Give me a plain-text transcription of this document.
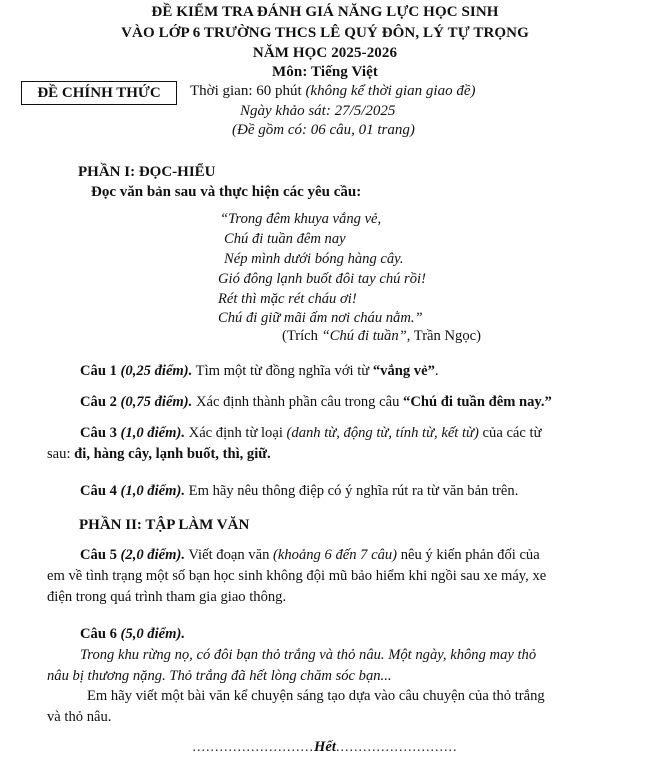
ĐỀ KIỂM TRA ĐÁNH GIÁ NĂNG LỰC HỌC SINH
VÀO LỚP 6 TRƯỜNG THCS LÊ QUÝ ĐÔN, LÝ TỰ TRỌNG
NĂM HỌC 2025-2026
Môn: Tiếng Việt
ĐỀ CHÍNH THỨC	Thời gian: 60 phút (không kể thời gian giao đề)
Ngày khảo sát: 27/5/2025
(Đề gồm có: 06 câu, 01 trang)
PHẦN I: ĐỌC-HIỂU
Đọc văn bản sau và thực hiện các yêu cầu:
“Trong đêm khuya vắng vẻ,
Chú đi tuần đêm nay
Nép mình dưới bóng hàng cây.
Gió đông lạnh buốt đôi tay chú rồi!
Rét thì mặc rét cháu ơi!
Chú đi giữ mãi ấm nơi cháu nằm.”
(Trích “Chú đi tuần”, Trần Ngọc)
Câu 1 (0,25 điểm). Tìm một từ đồng nghĩa với từ “vắng vẻ”.
Câu 2 (0,75 điểm). Xác định thành phần câu trong câu “Chú đi tuần đêm nay.”
Câu 3 (1,0 điểm). Xác định từ loại (danh từ, động từ, tính từ, kết từ) của các từ
sau: đi, hàng cây, lạnh buốt, thì, giữ.
Câu 4 (1,0 điểm). Em hãy nêu thông điệp có ý nghĩa rút ra từ văn bản trên.
PHẦN II: TẬP LÀM VĂN
Câu 5 (2,0 điểm). Viết đoạn văn (khoảng 6 đến 7 câu) nêu ý kiến phản đối của
em về tình trạng một số bạn học sinh không đội mũ bảo hiểm khi ngồi sau xe máy, xe
điện trong quá trình tham gia giao thông.
Câu 6 (5,0 điểm).
Trong khu rừng nọ, có đôi bạn thỏ trắng và thỏ nâu. Một ngày, không may thỏ
nâu bị thương nặng. Thỏ trắng đã hết lòng chăm sóc bạn...
Em hãy viết một bài văn kể chuyện sáng tạo dựa vào câu chuyện của thỏ trắng
và thỏ nâu.
...........................Hết...........................
